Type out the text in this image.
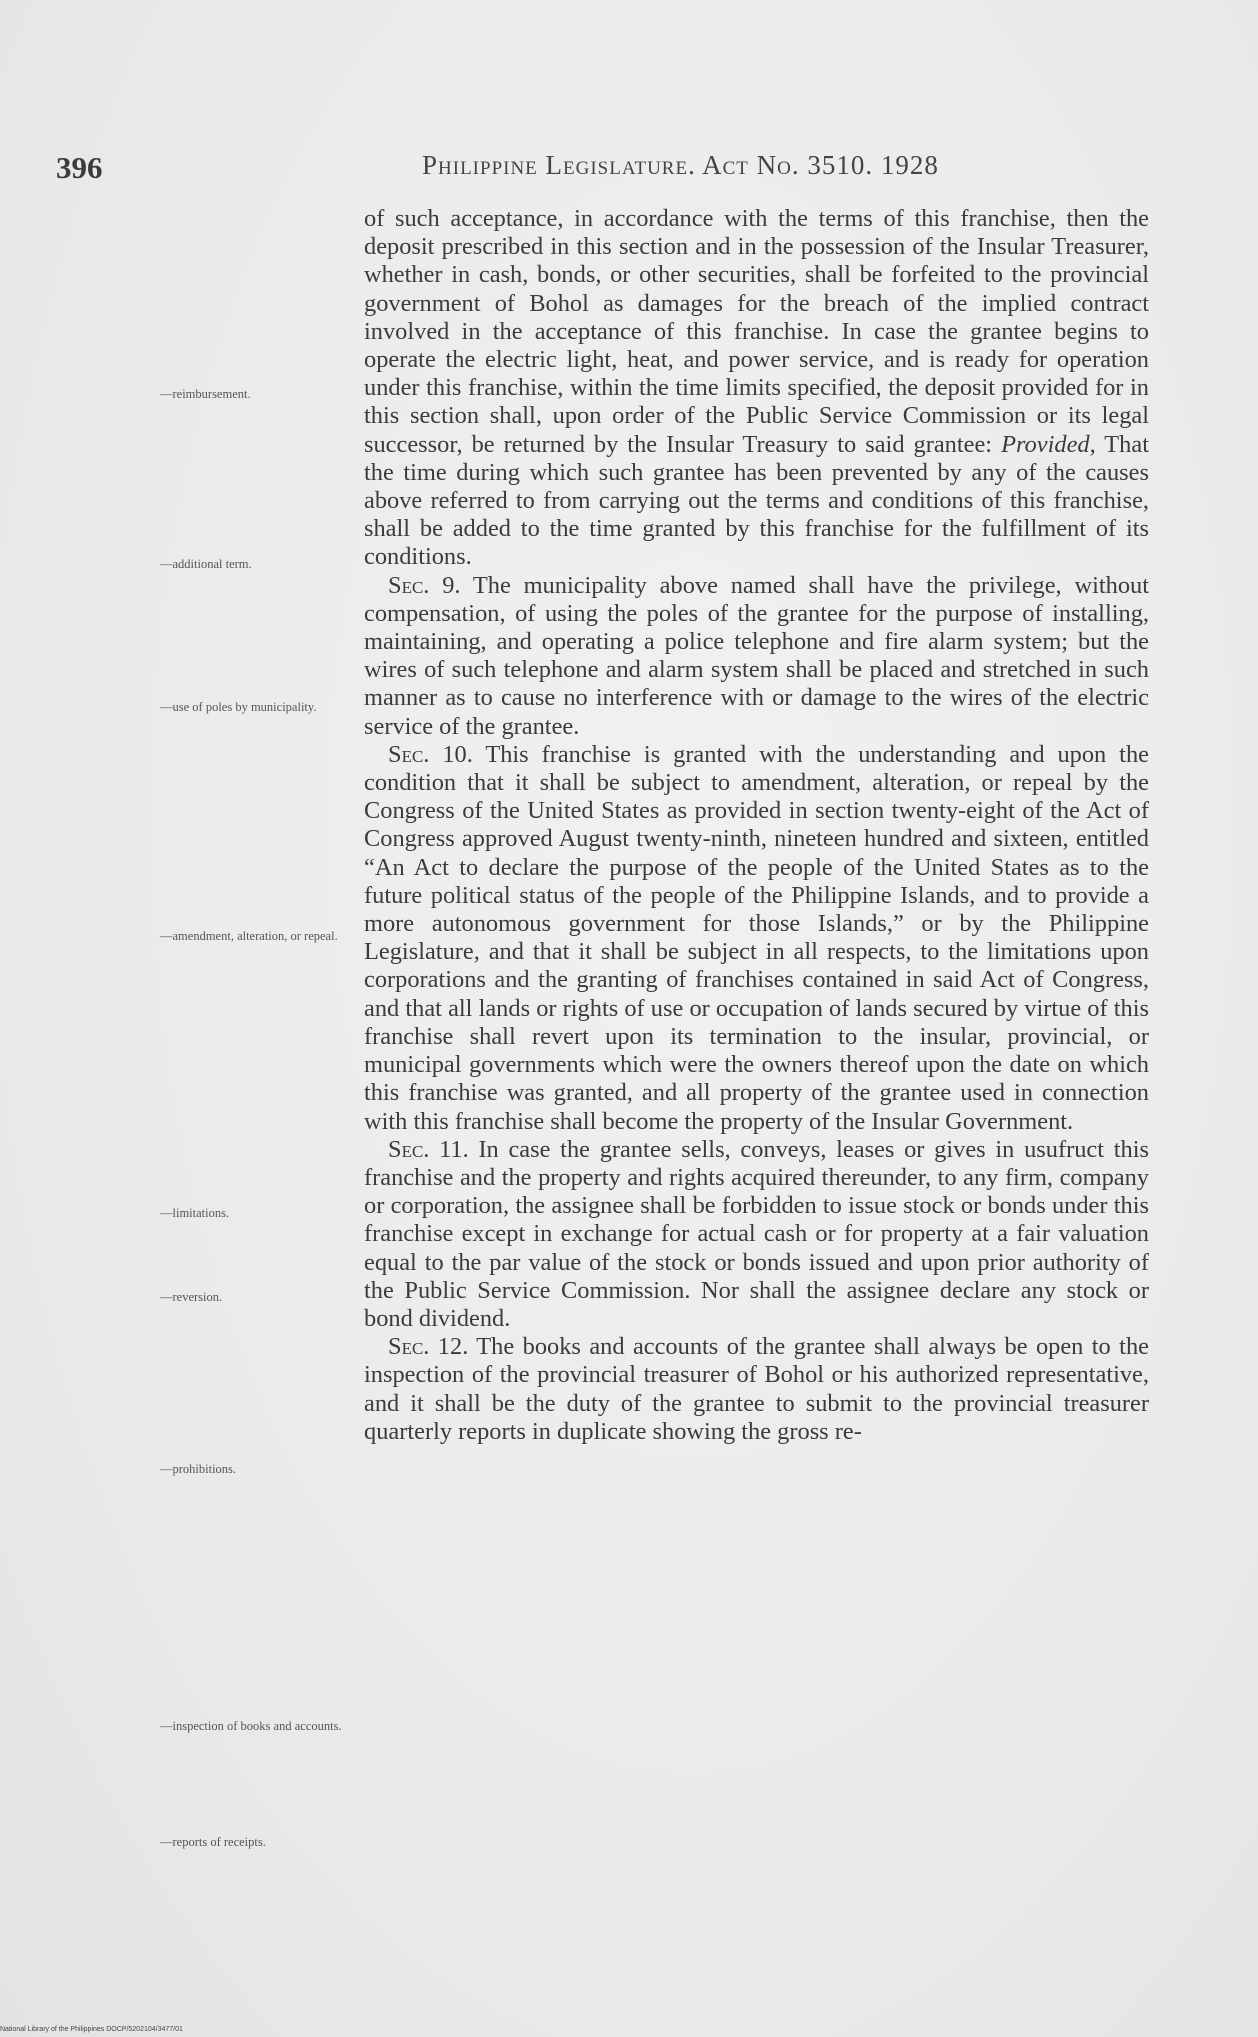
396	Philippine Legislature. Act No. 3510. 1928
—reimbursement.
—additional term.
—use of poles by municipality.
—amendment, alteration, or repeal.
—limitations.
—reversion.
—prohibitions.
—inspection of books and accounts.
—reports of receipts.

of such acceptance, in accordance with the terms of this franchise, then the deposit prescribed in this section and in the possession of the Insular Treasurer, whether in cash, bonds, or other securities, shall be forfeited to the provincial government of Bohol as damages for the breach of the implied contract involved in the acceptance of this franchise. In case the grantee begins to operate the electric light, heat, and power service, and is ready for operation under this franchise, within the time limits specified, the deposit provided for in this section shall, upon order of the Public Service Commission or its legal successor, be returned by the Insular Treasury to said grantee: Provided, That the time during which such grantee has been prevented by any of the causes above referred to from carrying out the terms and conditions of this franchise, shall be added to the time granted by this franchise for the fulfillment of its conditions.

Sec. 9. The municipality above named shall have the privilege, without compensation, of using the poles of the grantee for the purpose of installing, maintaining, and operating a police telephone and fire alarm system; but the wires of such telephone and alarm system shall be placed and stretched in such manner as to cause no interference with or damage to the wires of the electric service of the grantee.

Sec. 10. This franchise is granted with the understanding and upon the condition that it shall be subject to amendment, alteration, or repeal by the Congress of the United States as provided in section twenty-eight of the Act of Congress approved August twenty-ninth, nineteen hundred and sixteen, entitled “An Act to declare the purpose of the people of the United States as to the future political status of the people of the Philippine Islands, and to provide a more autonomous government for those Islands,” or by the Philippine Legislature, and that it shall be subject in all respects, to the limitations upon corporations and the granting of franchises contained in said Act of Congress, and that all lands or rights of use or occupation of lands secured by virtue of this franchise shall revert upon its termination to the insular, provincial, or municipal governments which were the owners thereof upon the date on which this franchise was granted, and all property of the grantee used in connection with this franchise shall become the property of the Insular Government.

Sec. 11. In case the grantee sells, conveys, leases or gives in usufruct this franchise and the property and rights acquired thereunder, to any firm, company or corporation, the assignee shall be forbidden to issue stock or bonds under this franchise except in exchange for actual cash or for property at a fair valuation equal to the par value of the stock or bonds issued and upon prior authority of the Public Service Commission. Nor shall the assignee declare any stock or bond dividend.

Sec. 12. The books and accounts of the grantee shall always be open to the inspection of the provincial treasurer of Bohol or his authorized representative, and it shall be the duty of the grantee to submit to the provincial treasurer quarterly reports in duplicate showing the gross re-

National Library of the Philippines DOCP/5202104/3477/01
